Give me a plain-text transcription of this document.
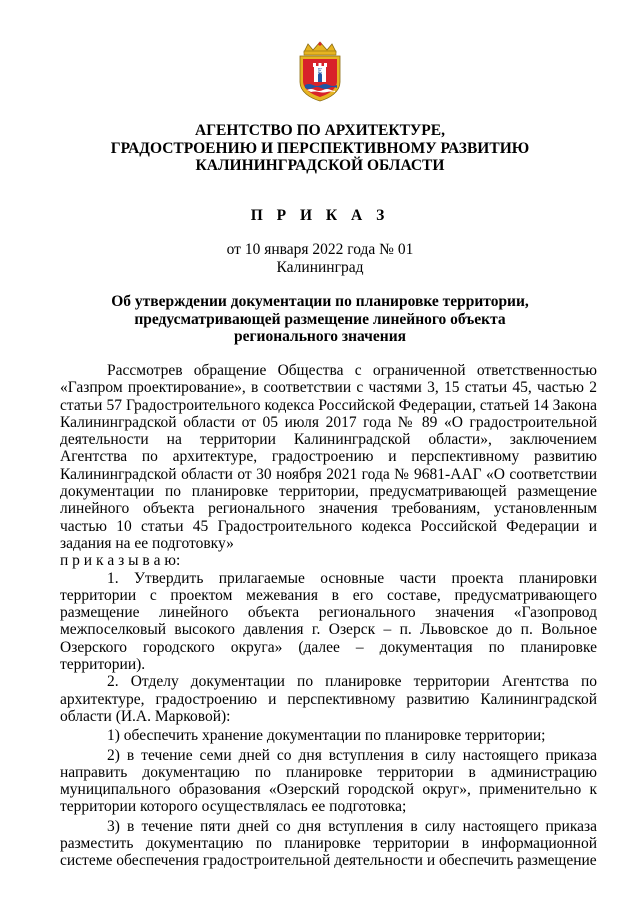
Е
АГЕНТСТВО ПО АРХИТЕКТУРЕ,
ГРАДОСТРОЕНИЮ И ПЕРСПЕКТИВНОМУ РАЗВИТИЮ
КАЛИНИНГРАДСКОЙ ОБЛАСТИ
П Р И К А З
от 10 января 2022 года № 01
Калининград
Об утверждении документации по планировке территории,
предусматривающей размещение линейного объекта
регионального значения

Рассмотрев обращение Общества с ограниченной ответственностью «Газпром проектирование», в соответствии с частями 3, 15 статьи 45, частью 2 статьи 57 Градостроительного кодекса Российской Федерации, статьей 14 Закона Калининградской области от 05 июля 2017 года № 89 «О градостроительной деятельности на территории Калининградской области», заключением Агентства по архитектуре, градостроению и перспективному развитию Калининградской области от 30 ноября 2021 года № 9681-ААГ «О соответствии документации по планировке территории, предусматривающей размещение линейного объекта регионального значения требованиям, установленным частью 10 статьи 45 Градостроительного кодекса Российской Федерации и задания на ее подготовку»

п р и к а з ы в а ю:

1. Утвердить прилагаемые основные части проекта планировки территории с проектом межевания в его составе, предусматривающего размещение линейного объекта регионального значения «Газопровод межпоселковый высокого давления г. Озерск – п. Львовское до п. Вольное Озерского городского округа» (далее – документация по планировке территории).

2. Отделу документации по планировке территории Агентства по архитектуре, градостроению и перспективному развитию Калининградской области (И.А. Марковой):

1) обеспечить хранение документации по планировке территории;

2) в течение семи дней со дня вступления в силу настоящего приказа направить документацию по планировке территории в администрацию муниципального образования «Озерский городской округ», применительно к территории которого осуществлялась ее подготовка;

3) в течение пяти дней со дня вступления в силу настоящего приказа разместить документацию по планировке территории в информационной системе обеспечения градостроительной деятельности и обеспечить размещение
